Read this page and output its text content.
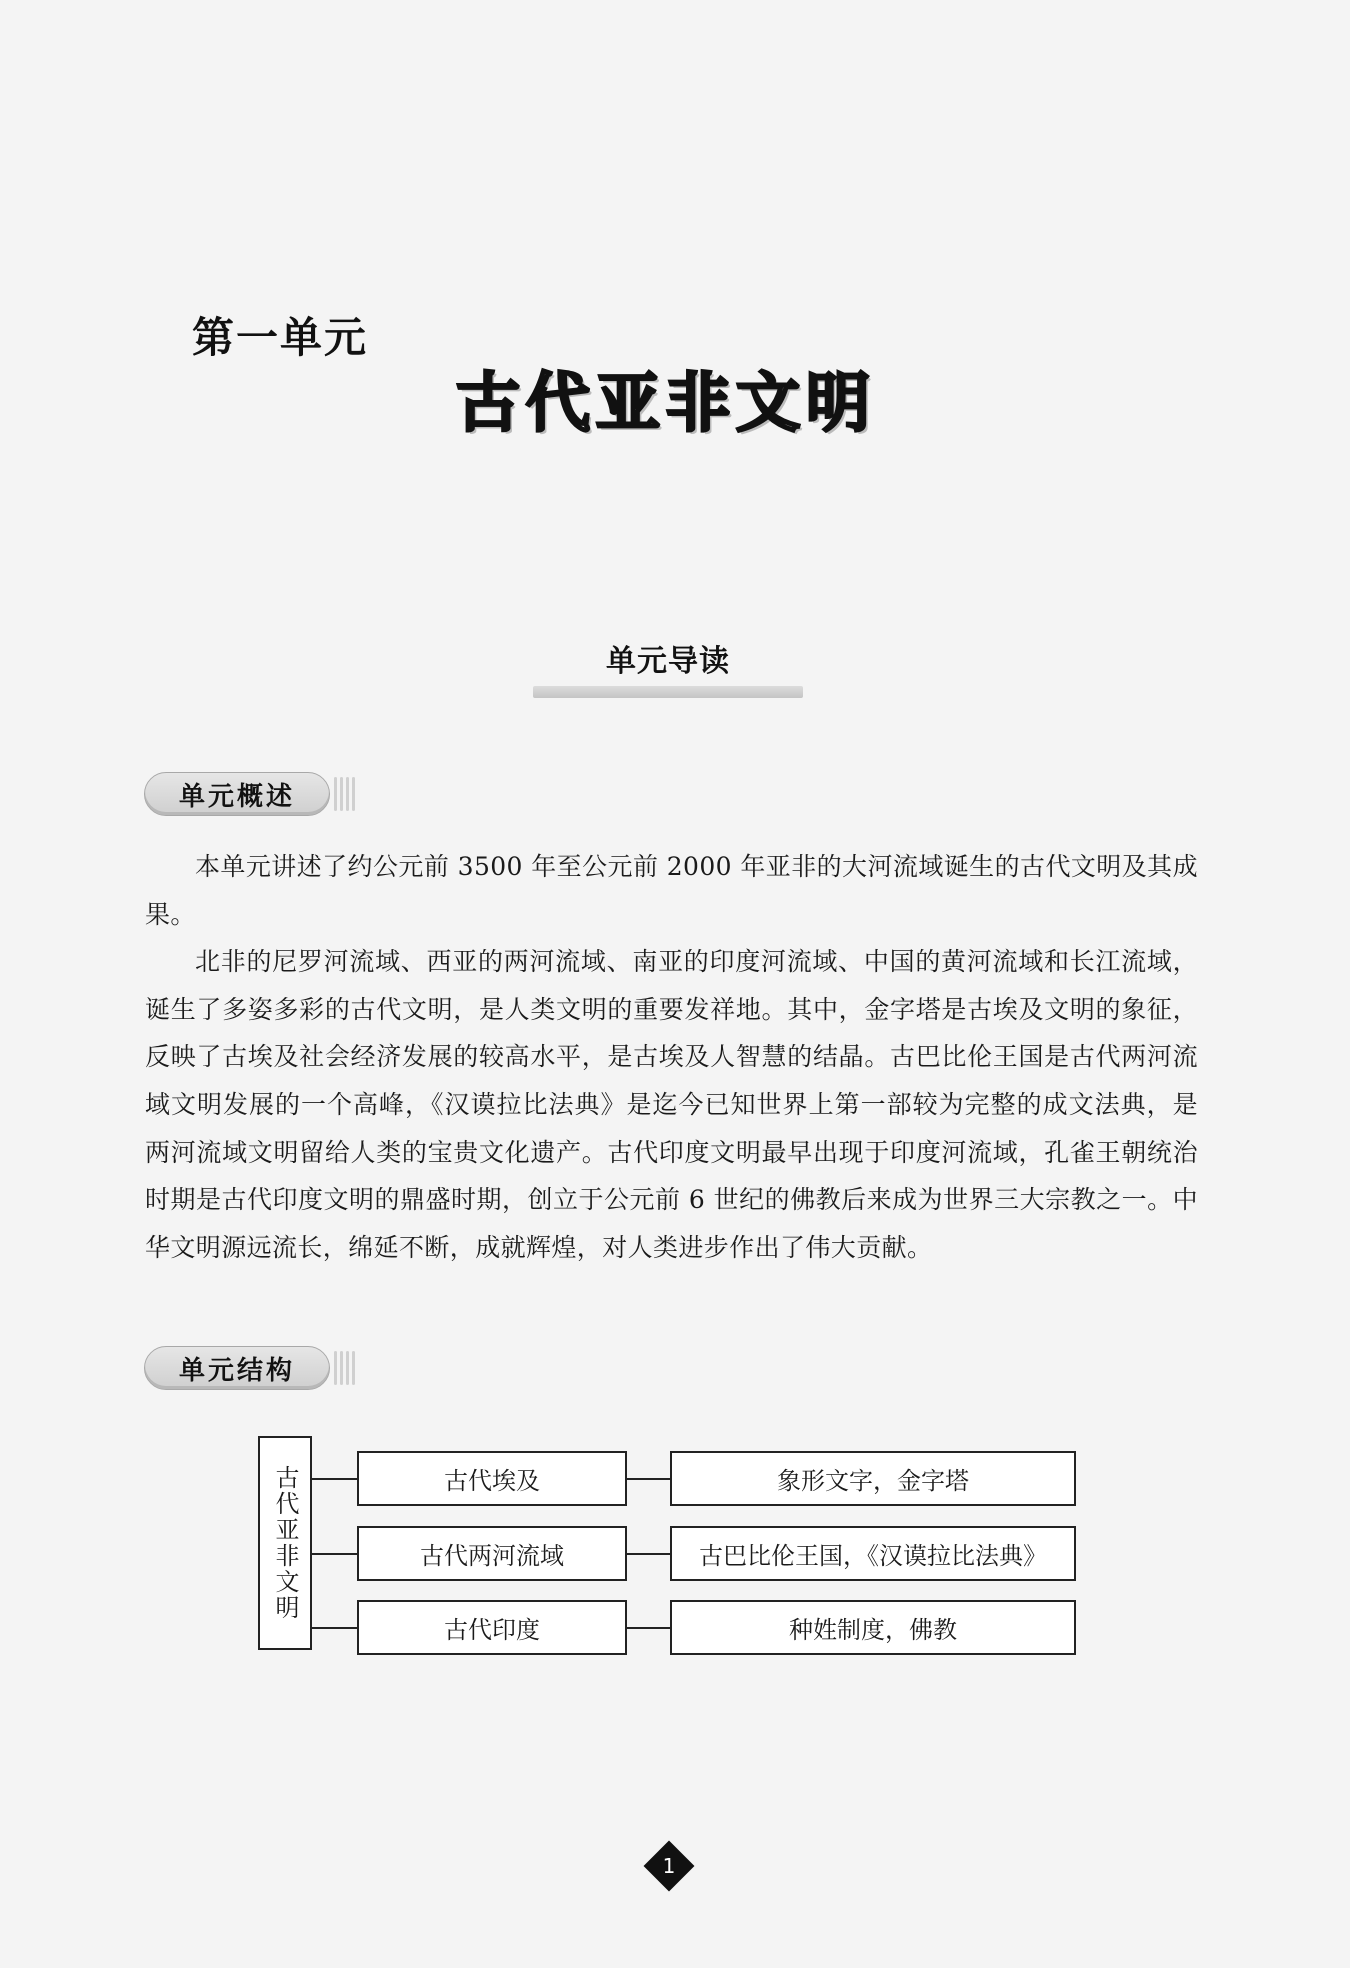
第一单元
古代亚非文明
单元导读
单元概述

本单元讲述了约公元前 3500 年至公元前 2000 年亚非的大河流域诞生的古代文明及其成果。

北非的尼罗河流域、西亚的两河流域、南亚的印度河流域、中国的黄河流域和长江流域，诞生了多姿多彩的古代文明，是人类文明的重要发祥地。其中，金字塔是古埃及文明的象征，反映了古埃及社会经济发展的较高水平，是古埃及人智慧的结晶。古巴比伦王国是古代两河流域文明发展的一个高峰，《汉谟拉比法典》是迄今已知世界上第一部较为完整的成文法典，是两河流域文明留给人类的宝贵文化遗产。古代印度文明最早出现于印度河流域，孔雀王朝统治时期是古代印度文明的鼎盛时期，创立于公元前 6 世纪的佛教后来成为世界三大宗教之一。中华文明源远流长，绵延不断，成就辉煌，对人类进步作出了伟大贡献。

单元结构
古代亚非文明	古代埃及
古代两河流域
古代印度
象形文字，金字塔
古巴比伦王国，《汉谟拉比法典》
种姓制度，佛教
1
